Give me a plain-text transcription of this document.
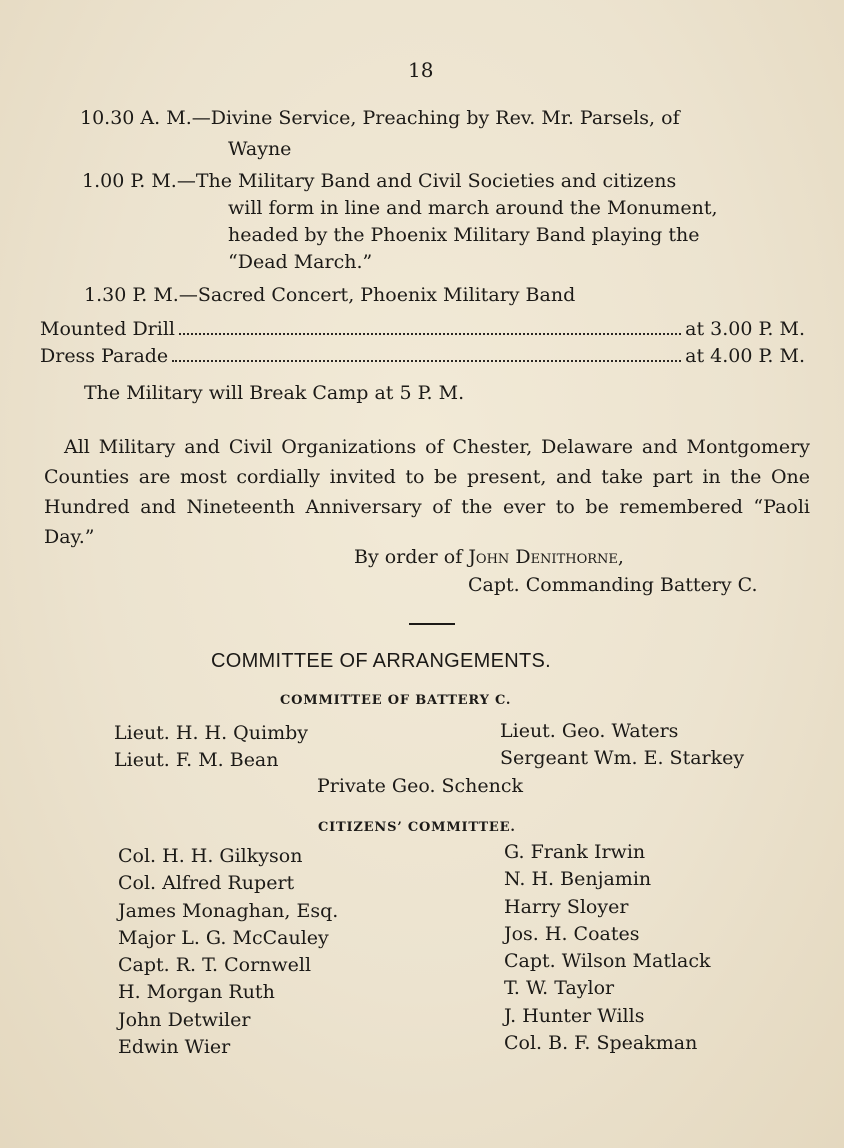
18
10.30 A. M.—Divine Service, Preaching by Rev. Mr. Parsels, of
Wayne
1.00 P. M.—The Military Band and Civil Societies and citizens
will form in line and march around the Monument,
headed by the Phoenix Military Band playing the
“Dead March.”
1.30 P. M.—Sacred Concert, Phoenix Military Band
Mounted Drill	at 3.00 P. M.
Dress Parade	at 4.00 P. M.
The Military will Break Camp at 5 P. M.
All Military and Civil Organizations of Chester, Delaware and Montgomery Counties are most cordially invited to be present, and take part in the One Hundred and Nineteenth Anniversary of the ever to be remembered “Paoli Day.”
By order of John Denithorne,
Capt. Commanding Battery C.
COMMITTEE OF ARRANGEMENTS.
COMMITTEE OF BATTERY C.
Lieut. H. H. Quimby
Lieut. F. M. Bean
Lieut. Geo. Waters
Sergeant Wm. E. Starkey
Private Geo. Schenck
CITIZENS’ COMMITTEE.
Col. H. H. Gilkyson
Col. Alfred Rupert
James Monaghan, Esq.
Major L. G. McCauley
Capt. R. T. Cornwell
H. Morgan Ruth
John Detwiler
Edwin Wier
G. Frank Irwin
N. H. Benjamin
Harry Sloyer
Jos. H. Coates
Capt. Wilson Matlack
T. W. Taylor
J. Hunter Wills
Col. B. F. Speakman
